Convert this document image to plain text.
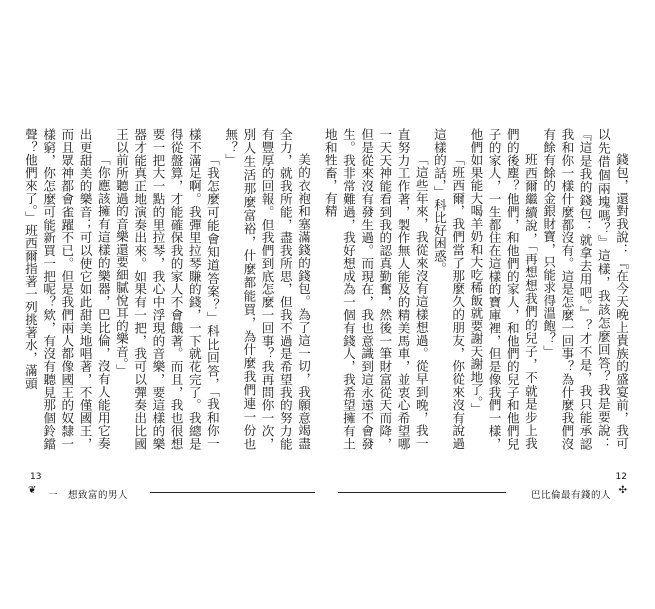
美的衣袍和塞滿錢的錢包。為了這一切，我願意竭盡全力，就我所能，盡我所思，但我不過是希望我的努力能有豐厚的回報。但我們到底怎麼一回事？我再問你一次，別人生活那麼富裕，什麼都能買，為什麼我們連一份也無？」

「我怎麼可能會知道答案？」科比回答，「我和你一樣不滿足啊。我彈里拉琴賺的錢，一下就花完了。我總是得從盤算，才能確保我的家人不會餓著。而且，我也很想要一把大一點的里拉琴，我心中浮現的音樂，要這樣的樂器才能真正地演奏出來。如果有一把，我可以彈奏出比國王以前所聽過的音樂還要細膩悅耳的樂音。」

「你應該擁有這樣的樂器，巴比倫，沒有人能用它奏出更甜美的樂音；可以使它如此甜美地唱著，不僅國王，而且眾神都會雀躍不已。但是我們兩人都像國王的奴隸一樣窮，你怎麼可能新買一把呢？欸，有沒有聽見那個鈴鐺聲？他們來了。」班西爾指著一列挑著水，滿頭

13
❦ 一　想致富的男人

錢包，還對我說：『在今天晚上貴族的盛宴前，我可以先借個兩塊嗎？』這樣，我該怎麼回答？我是要說：『這是我的錢包：就拿去用吧。』？才不是，我只能承認我和你一樣什麼都沒有。這是怎麼一回事？為什麼我們沒有餘有餘的金銀財寶，只能求得溫飽？」

班西爾繼續說，「再想想我們的兒子，不就是步上我們的後塵？他們，和他們的家人，和他們的兒子和他們兒子的家人，一生都住在這樣的寶庫裡，但是像我們一樣，他們如果能大喝羊奶和大吃稀飯就要謝天謝地了。」

「班西爾，我們當了那麼久的朋友，你從來沒有說過這樣的話，」科比好困惑。

「這些年來，我從來沒有這樣想過。從早到晚，我一直努力工作著，製作無人能及的精美馬車，並衷心希望哪一天天神能看到我的認真勤奮，然後一筆財富從天而降，但是從來沒有發生過。而現在，我也意識到這永遠不會發生。我非常難過，我好想成為一個有錢人，我希望擁有土地和牲畜，有精

12
巴比倫最有錢的人 ✣
